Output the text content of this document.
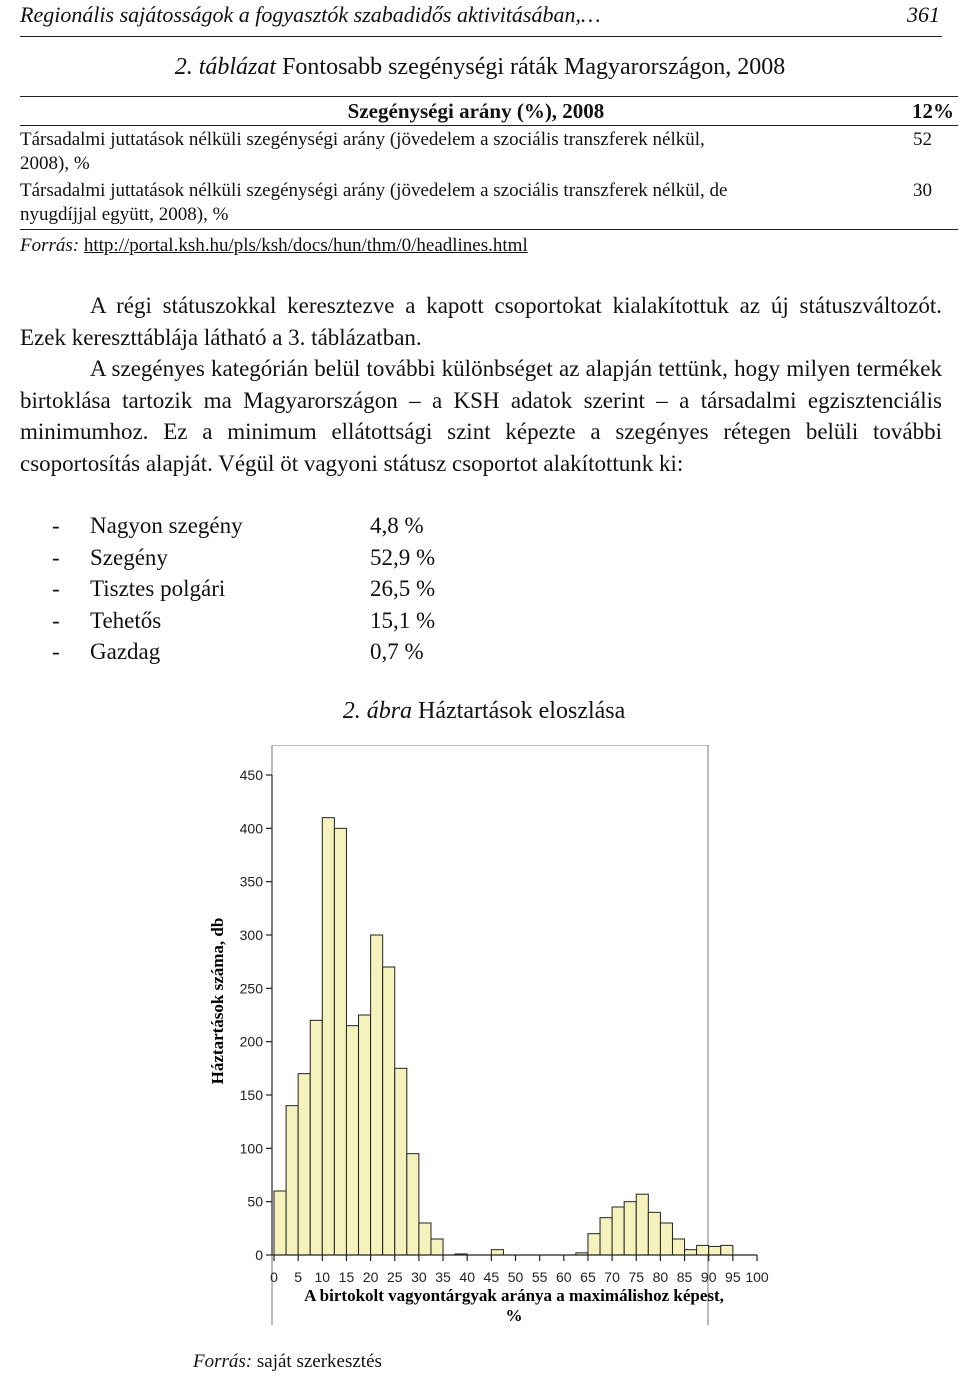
Regionális sajátosságok a fogyasztók szabadidős aktivitásában,…	361
2. táblázat Fontosabb szegénységi ráták Magyarországon, 2008
Szegénységi arány (%), 2008	12%
Társadalmi juttatások nélküli szegénységi arány (jövedelem a szociális transzferek nélkül, 2008), %	52
Társadalmi juttatások nélküli szegénységi arány (jövedelem a szociális transzferek nélkül, de nyugdíjjal együtt, 2008), %	30
Forrás: http://portal.ksh.hu/pls/ksh/docs/hun/thm/0/headlines.html

A régi státuszokkal keresztezve a kapott csoportokat kialakítottuk az új státuszváltozót. Ezek kereszttáblája látható a 3. táblázatban.

A szegényes kategórián belül további különbséget az alapján tettünk, hogy milyen termékek birtoklása tartozik ma Magyarországon – a KSH adatok szerint – a társadalmi egzisztenciális minimumhoz. Ez a minimum ellátottsági szint képezte a szegényes rétegen belüli további csoportosítás alapját. Végül öt vagyoni státusz csoportot alakítottunk ki:

- Nagyon szegény	4,8 %
- Szegény	52,9 %
- Tisztes polgári	26,5 %
- Tehetős	15,1 %
- Gazdag	0,7 %
2. ábra Háztartások eloszlása
0
50
100
150
200
250
300
350
400
450
0 5 10 15 20 25 30 35 40 45 50 55 60 65 70 75 80 85 90 95 100
Háztartások száma, db
A birtokolt vagyontárgyak aránya a maximálishoz képest, %
Forrás: saját szerkesztés
